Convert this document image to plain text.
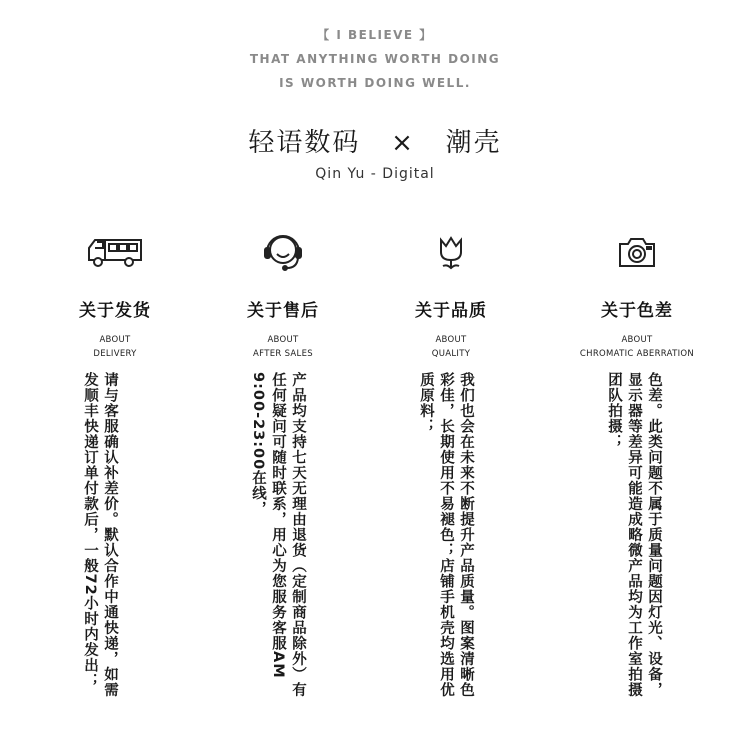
【 I BELIEVE 】
THAT ANYTHING WORTH DOING
IS WORTH DOING WELL.
轻语数码   ×   潮壳
Qin Yu - Digital
关于发货
ABOUT
DELIVERY
请与客服确认补差价。默认合作中通快递，如需发顺丰快递订单付款后，一般72小时内发出；
关于售后
ABOUT
AFTER SALES
产品均支持七天无理由退货（定制商品除外）有任何疑问可随时联系，用心为您服务客服AM 9:00-23:00在线，
关于品质
ABOUT
QUALITY
我们也会在未来不断提升产品质量。图案清晰色彩佳，长期使用不易褪色；店铺手机壳均选用优质原料；
关于色差
ABOUT
CHROMATIC ABERRATION
色差。此类问题不属于质量问题因灯光、设备，显示器等差异可能造成略微产品均为工作室拍摄团队拍摄；
